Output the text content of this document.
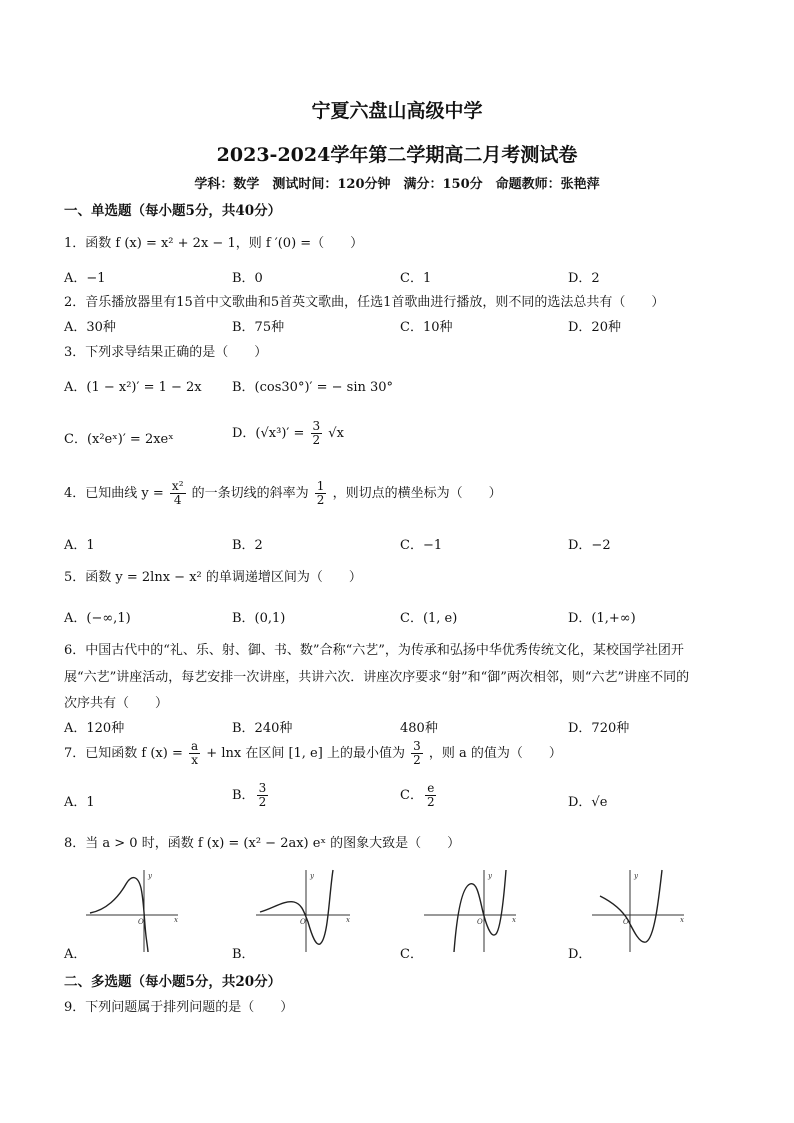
宁夏六盘山高级中学
2023-2024学年第二学期高二月考测试卷
学科：数学　测试时间：120分钟　满分：150分　命题教师：张艳萍
一、单选题（每小题5分，共40分）
1．函数 f (x) = x² + 2x − 1，则 f ′(0) =（　　）
A．−1	B．0	C．1	D．2
2．音乐播放器里有15首中文歌曲和5首英文歌曲，任选1首歌曲进行播放，则不同的选法总共有（　　）
A．30种	B．75种	C．10种	D．20种
3．下列求导结果正确的是（　　）
A．(1 − x²)′ = 1 − 2x B．(cos30°)′ = − sin 30°
C．(x²eˣ)′ = 2xeˣ	D．$(√x^3)' = \frac{3}{2} √x$
4．已知曲线 $y = \frac{\text{x²}}{4}$ 的一条切线的斜率为 $\frac{1}{2}$ ，则切点的横坐标为（　　）
A．1	B．2	C．−1	D．−2
5．函数 y = 2lnx − x² 的单调递增区间为（　　）
A．(−∞,1)	B．(0,1)	C．(1, e)	D．(1,+∞)
6．中国古代中的“礼、乐、射、御、书、数”合称“六艺”，为传承和弘扬中华优秀传统文化，某校国学社团开
展“六艺”讲座活动，每艺安排一次讲座，共讲六次．讲座次序要求“射”和“御”两次相邻，则“六艺”讲座不同的
次序共有（　　）
A．120种	B．240种	480种	D．720种
7．已知函数 f $(x) = \frac{a}{x} + \ln x$ 在区间 [1, e] 上的最小值为 $\frac{3}{2}$ ，则 a 的值为（　　）
A．1	B． $\frac{3}{2}$	C． $\frac{e}{2}$	D．√e
8．当 a > 0 时，函数 f (x) = (x² − 2ax) eˣ 的图象大致是（　　）
y
x
O
A．
y
x
O
B．
y
x
O
C．
y
x
O
D．
二、多选题（每小题5分，共20分）
9．下列问题属于排列问题的是（　　）
